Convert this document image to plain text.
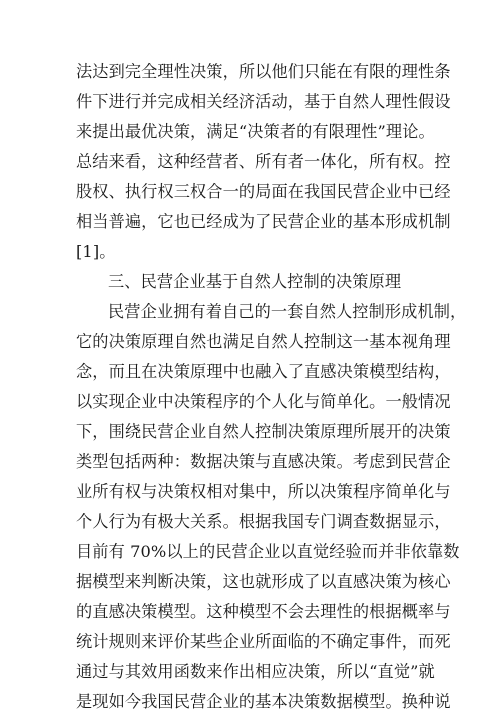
法达到完全理性决策，所以他们只能在有限的理性条
件下进行并完成相关经济活动，基于自然人理性假设
来提出最优决策，满足“决策者的有限理性”理论。
总结来看，这种经营者、所有者一体化，所有权。控
股权、执行权三权合一的局面在我国民营企业中已经
相当普遍，它也已经成为了民营企业的基本形成机制
[1]。
三、民营企业基于自然人控制的决策原理
民营企业拥有着自己的一套自然人控制形成机制，
它的决策原理自然也满足自然人控制这一基本视角理
念，而且在决策原理中也融入了直感决策模型结构，
以实现企业中决策程序的个人化与简单化。一般情况
下，围绕民营企业自然人控制决策原理所展开的决策
类型包括两种：数据决策与直感决策。考虑到民营企
业所有权与决策权相对集中，所以决策程序简单化与
个人行为有极大关系。根据我国专门调查数据显示，
目前有 70%以上的民营企业以直觉经验而并非依靠数
据模型来判断决策，这也就形成了以直感决策为核心
的直感决策模型。这种模型不会去理性的根据概率与
统计规则来评价某些企业所面临的不确定事件，而死
通过与其效用函数来作出相应决策，所以“直觉”就
是现如今我国民营企业的基本决策数据模型。换种说
